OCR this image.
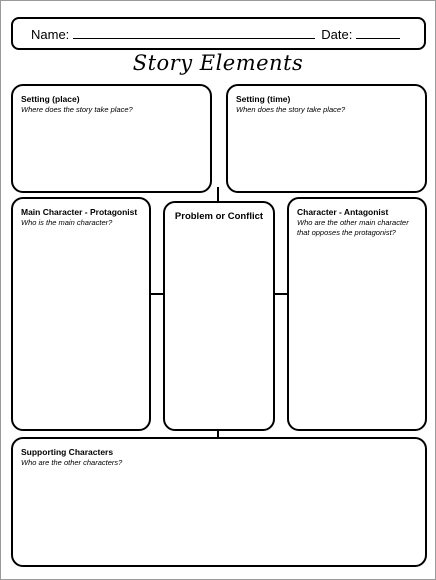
Name:	Date:
Story Elements

Setting (place)

Where does the story take place?

Setting (time)

When does the story take place?

Main Character - Protagonist

Who is the main character?

Problem or Conflict	Character - Antagonist

Who are the other main character that opposes the protagonist?

Supporting Characters

Who are the other characters?
